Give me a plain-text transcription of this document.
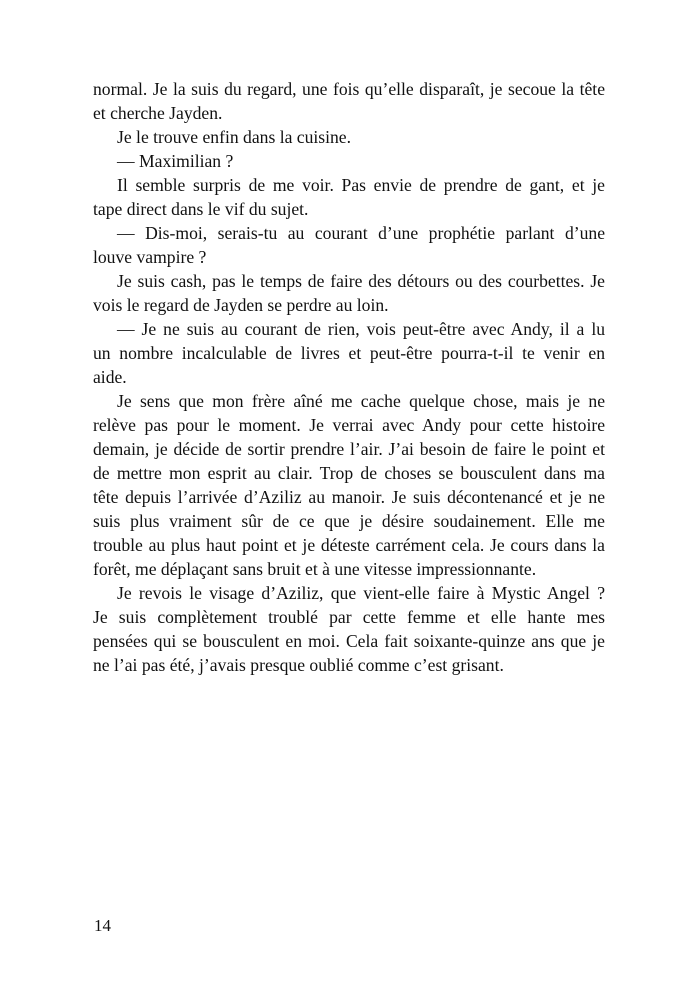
normal. Je la suis du regard, une fois qu’elle disparaît, je secoue la tête
et cherche Jayden.
Je le trouve enfin dans la cuisine.
— Maximilian ?
Il semble surpris de me voir. Pas envie de prendre de gant, et je
tape direct dans le vif du sujet.
— Dis-moi, serais-tu au courant d’une prophétie parlant d’une
louve vampire ?
Je suis cash, pas le temps de faire des détours ou des courbettes. Je
vois le regard de Jayden se perdre au loin.
— Je ne suis au courant de rien, vois peut-être avec Andy, il a lu
un nombre incalculable de livres et peut-être pourra-t-il te venir en
aide.
Je sens que mon frère aîné me cache quelque chose, mais je ne
relève pas pour le moment. Je verrai avec Andy pour cette histoire
demain, je décide de sortir prendre l’air. J’ai besoin de faire le point et
de mettre mon esprit au clair. Trop de choses se bousculent dans ma
tête depuis l’arrivée d’Aziliz au manoir. Je suis décontenancé et je ne
suis plus vraiment sûr de ce que je désire soudainement. Elle me
trouble au plus haut point et je déteste carrément cela. Je cours dans la
forêt, me déplaçant sans bruit et à une vitesse impressionnante.
Je revois le visage d’Aziliz, que vient-elle faire à Mystic Angel ?
Je suis complètement troublé par cette femme et elle hante mes
pensées qui se bousculent en moi. Cela fait soixante-quinze ans que je
ne l’ai pas été, j’avais presque oublié comme c’est grisant.
14
